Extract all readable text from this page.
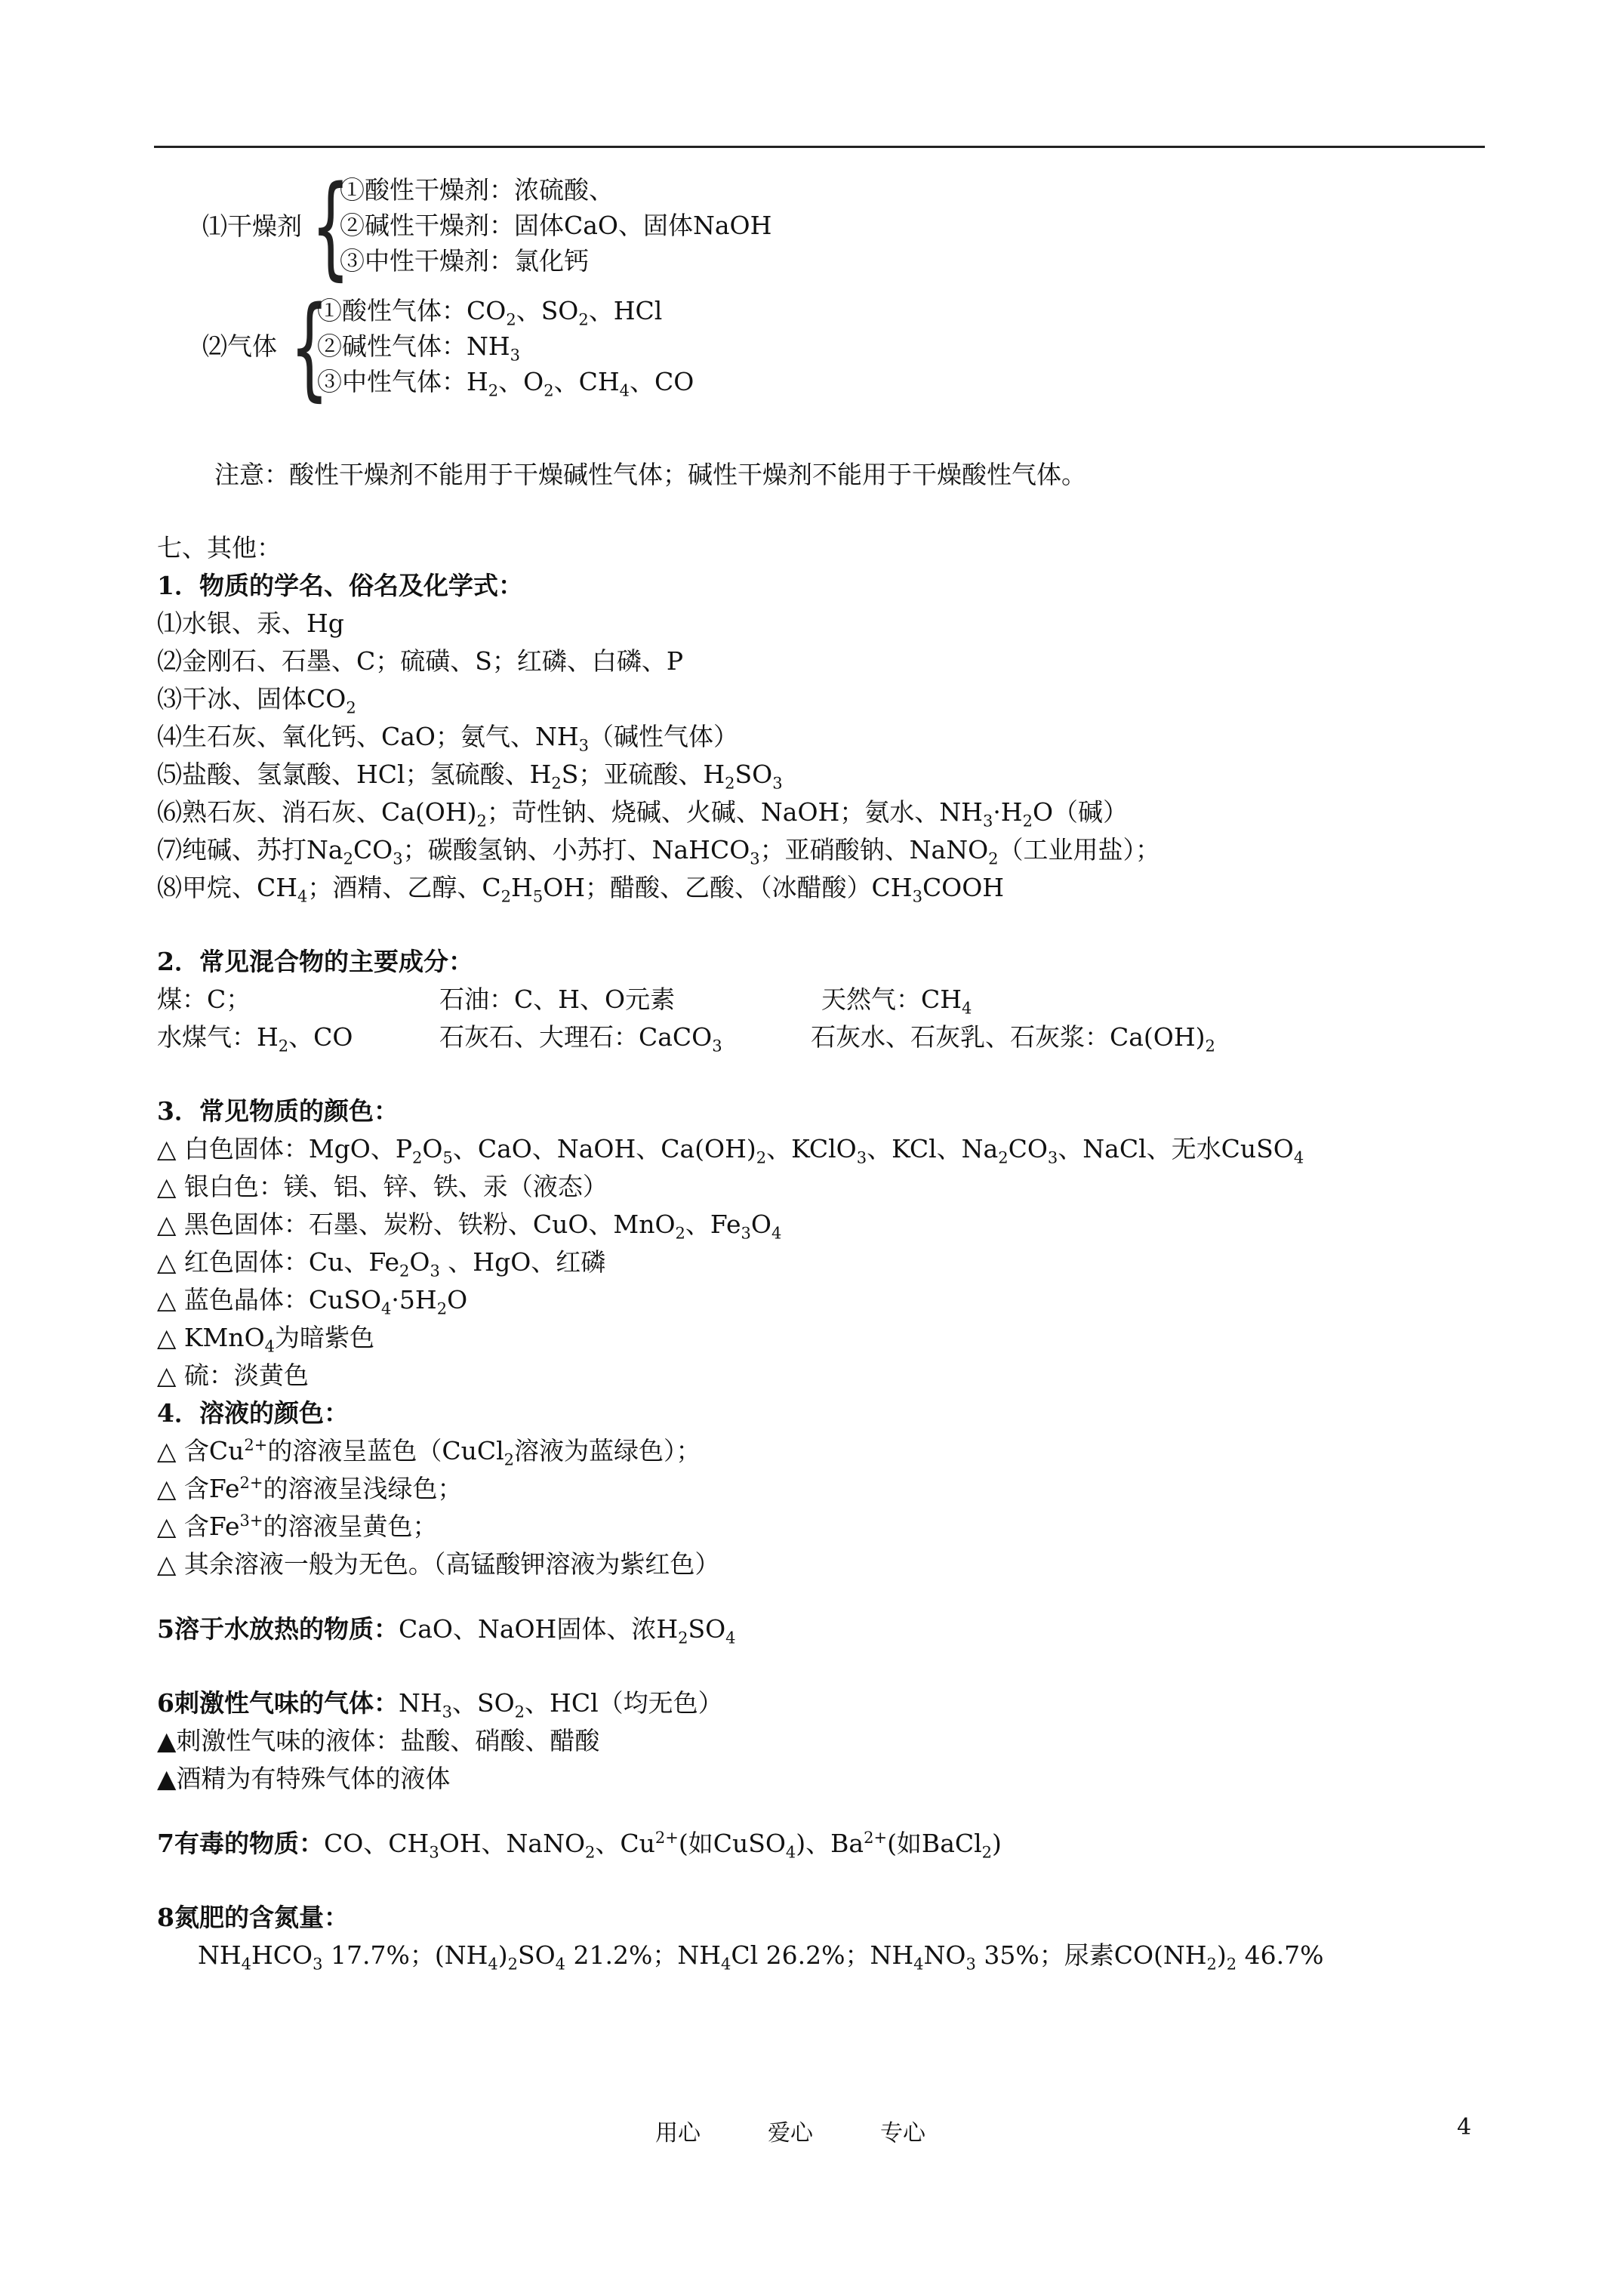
⑴干燥剂 {
①酸性干燥剂：浓硫酸、
②碱性干燥剂：固体CaO、固体NaOH
③中性干燥剂：氯化钙
⑵气体 {
①酸性气体：$CO_2$、$SO_2$、HCl
②碱性气体：$NH_3$
③中性气体：$H_2$、$O_2$、$CH_4$、CO
注意：酸性干燥剂不能用于干燥碱性气体；碱性干燥剂不能用于干燥酸性气体。
七、其他：
1．物质的学名、俗名及化学式：
⑴水银、汞、Hg
⑵金刚石、石墨、C；硫磺、S；红磷、白磷、P
⑶干冰、固体$CO_2$
⑷生石灰、氧化钙、CaO；氨气、$NH_3$（碱性气体）
⑸盐酸、氢氯酸、HCl；氢硫酸、$H_2S$；亚硫酸、$H_2SO_3$
⑹熟石灰、消石灰、$Ca(OH)_2$；苛性钠、烧碱、火碱、NaOH；氨水、$NH_3\cdot H_2O$（碱）
⑺纯碱、苏打$Na_2CO_3$；碳酸氢钠、小苏打、NaHCO$_3$；亚硝酸钠、NaNO$_2$（工业用盐）；
⑻甲烷、$CH_4$；酒精、乙醇、$C_2H_5OH$；醋酸、乙酸、（冰醋酸）$CH_3COOH$
2．常见混合物的主要成分：
煤：C；	石油：C、H、O元素	天然气：$CH_4$
水煤气：$H_2$、CO	石灰石、大理石：CaCO$_3$	石灰水、石灰乳、石灰浆：$Ca(OH)_2$
3．常见物质的颜色：
△ 白色固体：MgO、$P_2O_5$、CaO、NaOH、$Ca(OH)_2$、KClO$_3$、KCl、$Na_2CO_3$、NaCl、无水CuSO$_4$
△ 银白色：镁、铝、锌、铁、汞（液态）
△ 黑色固体：石墨、炭粉、铁粉、CuO、MnO$_2$、$Fe_3O_4$
△ 红色固体：Cu、$Fe_2O_3$ 、HgO、红磷
△ 蓝色晶体：$CuSO_4\cdot 5H_2O$
△ KMnO$_4$为暗紫色
△ 硫：淡黄色
4．溶液的颜色：
△ 含$Cu^{2+}$的溶液呈蓝色（CuCl$_2$溶液为蓝绿色）；
△ 含$Fe^{2+}$的溶液呈浅绿色；
△ 含$Fe^{3+}$的溶液呈黄色；
△ 其余溶液一般为无色。（高锰酸钾溶液为紫红色）
5溶于水放热的物质：CaO、NaOH固体、浓$H_2SO_4$
6刺激性气味的气体：$NH_3$、$SO_2$、HCl（均无色）
▲刺激性气味的液体：盐酸、硝酸、醋酸
▲酒精为有特殊气体的液体
7有毒的物质：CO、$CH_3OH$、NaNO$_2$、$Cu^{2+}$(如CuSO$_4$)、$Ba^{2+}$(如BaCl$_2$)
8氮肥的含氮量：
$NH_4HCO_3$ 17.7%；$(NH_4)_2SO_4$ 21.2%；$NH_4Cl$ 26.2%；$NH_4NO_3$ 35%；尿素$CO(NH_2)_2$ 46.7%
用心	爱心	专心	4
